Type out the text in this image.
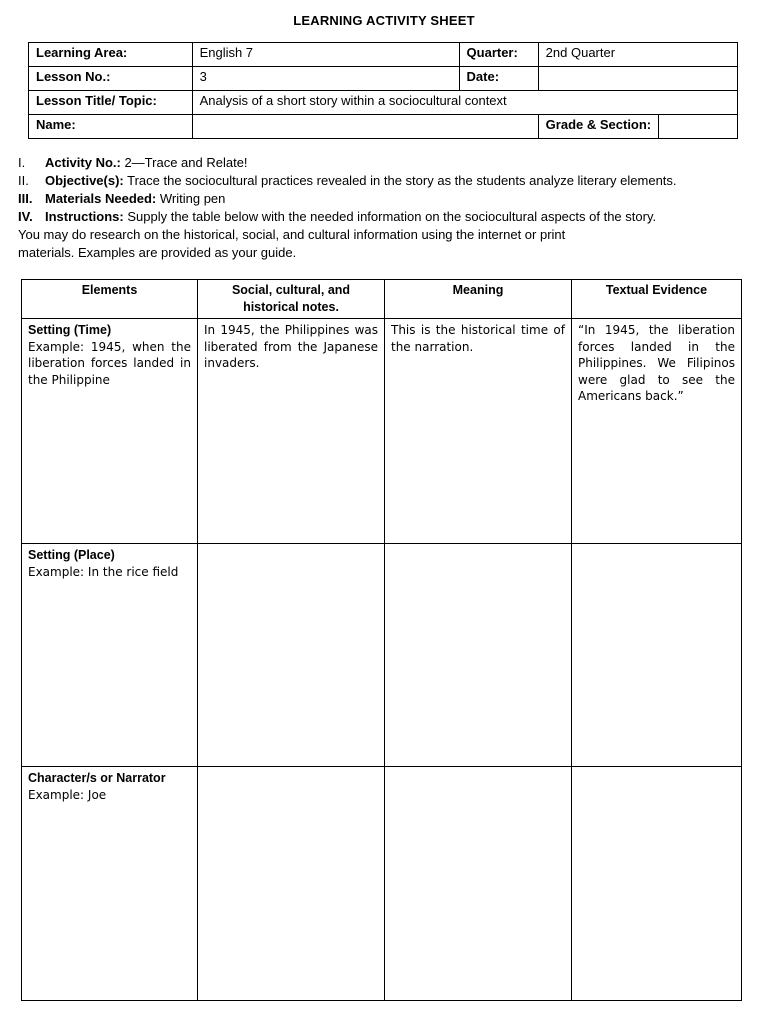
LEARNING ACTIVITY SHEET
Learning Area:	English 7	Quarter:	2nd Quarter	
Lesson No.:	3	Date:		
Lesson Title/ Topic:	Analysis of a short story within a sociocultural context			
Name:			Grade & Section:	
I.	Activity No.: 2—Trace and Relate!
II.	Objective(s): Trace the sociocultural practices revealed in the story as the students analyze literary elements.
III. Materials Needed: Writing pen
IV. Instructions: Supply the table below with the needed information on the sociocultural aspects of the story.
You may do research on the historical, social, and cultural information using the internet or print
materials. Examples are provided as your guide.
Elements	Social, cultural, and historical notes.	Meaning	Textual Evidence

Setting (Time)
Example: 1945, when the liberation forces landed in the Philippine	In 1945, the Philippines was liberated from the Japanese invaders.	This is the historical time of the narration.	“In 1945, the liberation forces landed in the Philippines. We Filipinos were glad to see the Americans back.”

Setting (Place)
Example: In the rice field			

Character/s or Narrator
Example: Joe			
